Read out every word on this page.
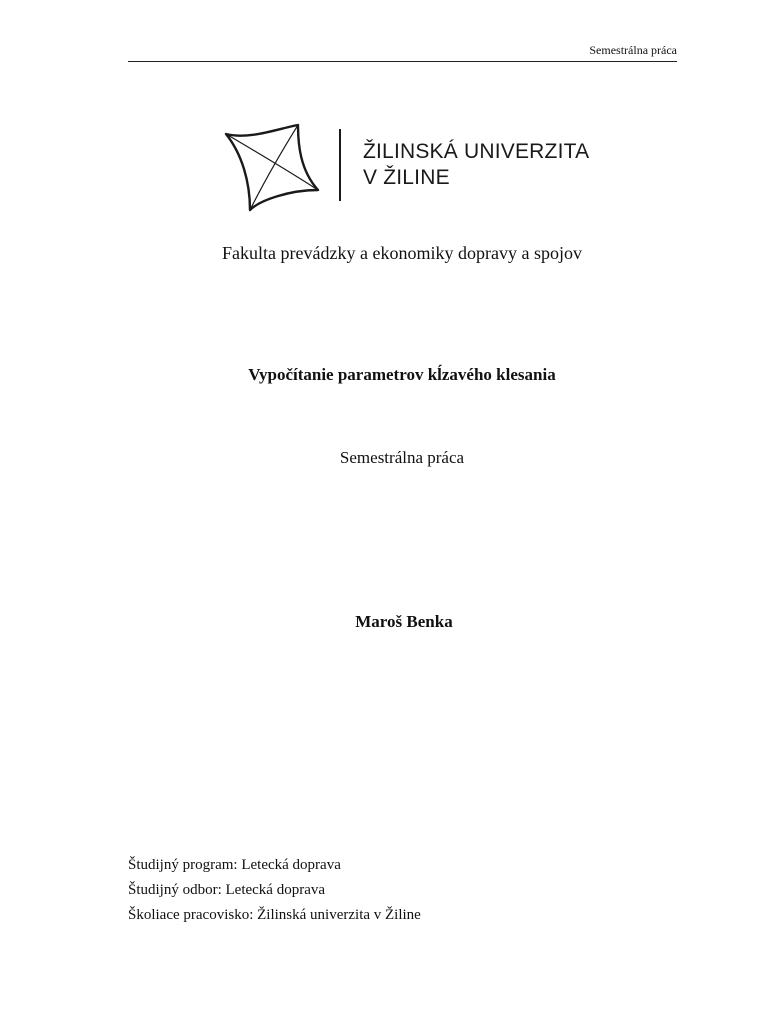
Semestrálna práca
ŽILINSKÁ UNIVERZITA
V ŽILINE
Fakulta prevádzky a ekonomiky dopravy a spojov
Vypočítanie parametrov kĺzavého klesania
Semestrálna práca
Maroš Benka
Študijný program: Letecká doprava
Študijný odbor: Letecká doprava
Školiace pracovisko: Žilinská univerzita v Žiline
